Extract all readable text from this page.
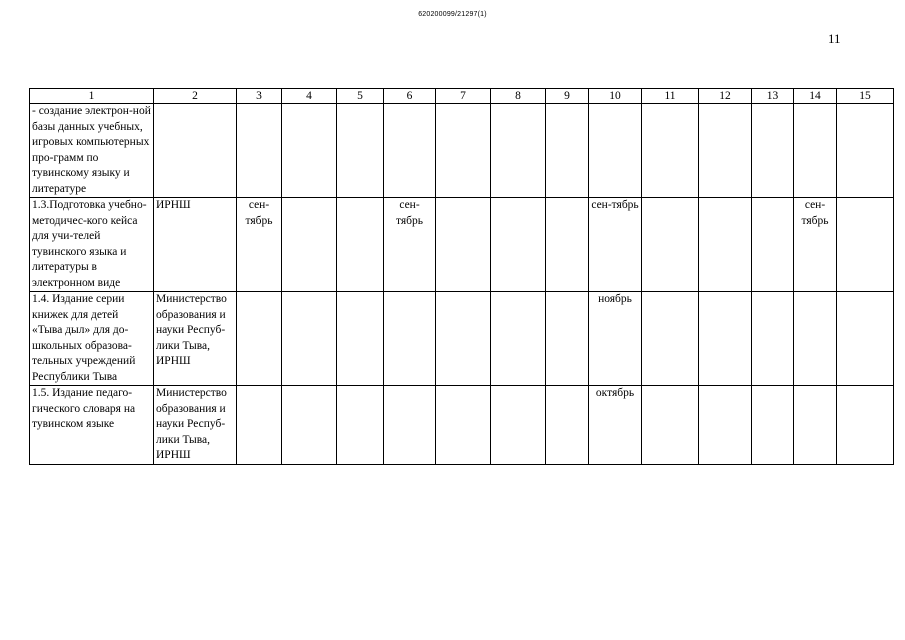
620200099/21297(1)
11
1	2	3	4	5	6	7	8	9	10	11	12	13	14	15
- создание электрон-ной базы данных учебных, игровых компьютерных про-грамм по тувинскому языку и литературе														
1.3.Подготовка учебно-методичес-кого кейса для учи-телей тувинского языка и литературы в электронном виде	ИРНШ	сен-тябрь			сен-тябрь				сен-тябрь				сен-тябрь	
1.4. Издание серии книжек для детей «Тыва дыл» для до-школьных образова-тельных учреждений Республики Тыва	Министерство образования и науки Респуб-лики Тыва, ИРНШ								ноябрь					
1.5. Издание педаго-гического словаря на тувинском языке	Министерство образования и науки Респуб-лики Тыва, ИРНШ								октябрь					
